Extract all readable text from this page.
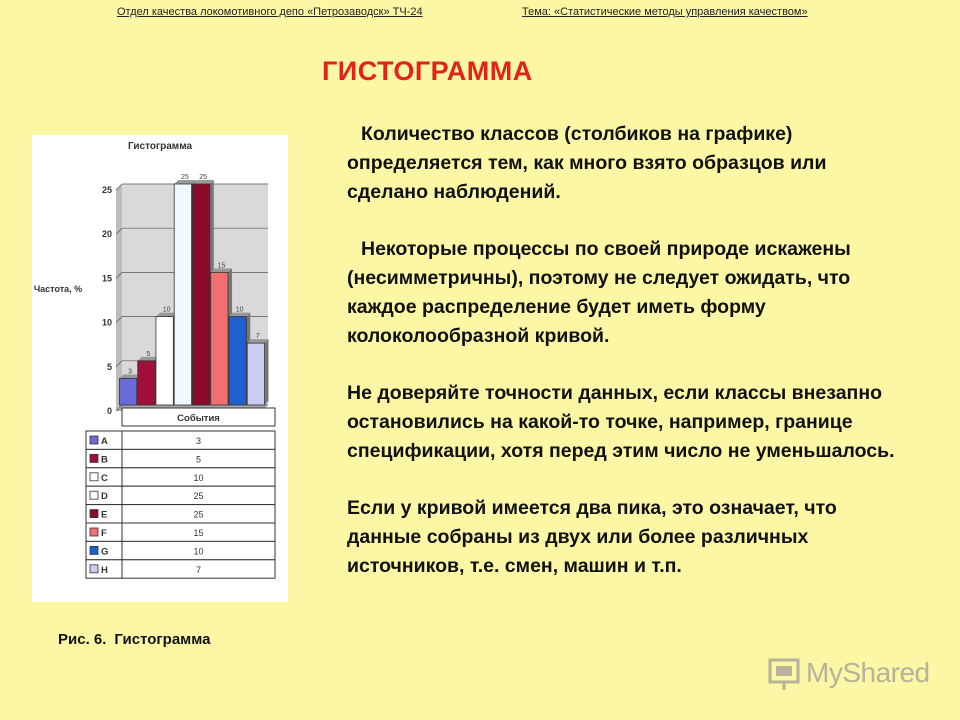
Отдел качества локомотивного депо «Петрозаводск» ТЧ-24	Тема: «Статистические методы управления качеством»
ГИСТОГРАММА

Количество классов (столбиков на графике) определяется тем, как много взято образцов или сделано наблюдений.

Некоторые процессы по своей природе искажены (несимметричны), поэтому не следует ожидать, что каждое распределение будет иметь форму колоколообразной кривой.

Не доверяйте точности данных, если классы внезапно остановились на какой-то точке, например, границе спецификации, хотя перед этим число не уменьшалось.

Если у кривой имеется два пика, это означает, что данные собраны из двух или более различных источников, т.е. смен, машин и т.п.

Гистограмма
Частота, %
0
5
10
15
20
25
3
5
10
25 25
15
10
7
События
A	3
B	5
C	10
D	25
E	25
F	15
G	10
H	7
Рис. 6. Гистограмма
MyShared
